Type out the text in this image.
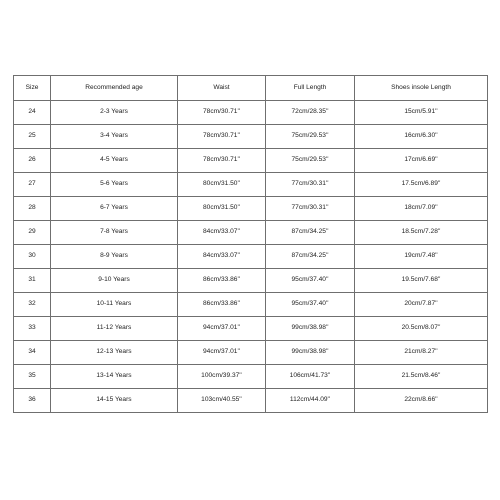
Size	Recommended age	Waist	Full Length	Shoes insole Length
24	2-3 Years	78cm/30.71''	72cm/28.35''	15cm/5.91''
25	3-4 Years	78cm/30.71''	75cm/29.53''	16cm/6.30''
26	4-5 Years	78cm/30.71''	75cm/29.53''	17cm/6.69''
27	5-6 Years	80cm/31.50''	77cm/30.31''	17.5cm/6.89''
28	6-7 Years	80cm/31.50''	77cm/30.31''	18cm/7.09''
29	7-8 Years	84cm/33.07''	87cm/34.25''	18.5cm/7.28''
30	8-9 Years	84cm/33.07''	87cm/34.25''	19cm/7.48''
31	9-10 Years	86cm/33.86''	95cm/37.40''	19.5cm/7.68''
32	10-11 Years	86cm/33.86''	95cm/37.40''	20cm/7.87''
33	11-12 Years	94cm/37.01''	99cm/38.98''	20.5cm/8.07''
34	12-13 Years	94cm/37.01''	99cm/38.98''	21cm/8.27''
35	13-14 Years	100cm/39.37''	106cm/41.73''	21.5cm/8.46''
36	14-15 Years	103cm/40.55''	112cm/44.09''	22cm/8.66''
